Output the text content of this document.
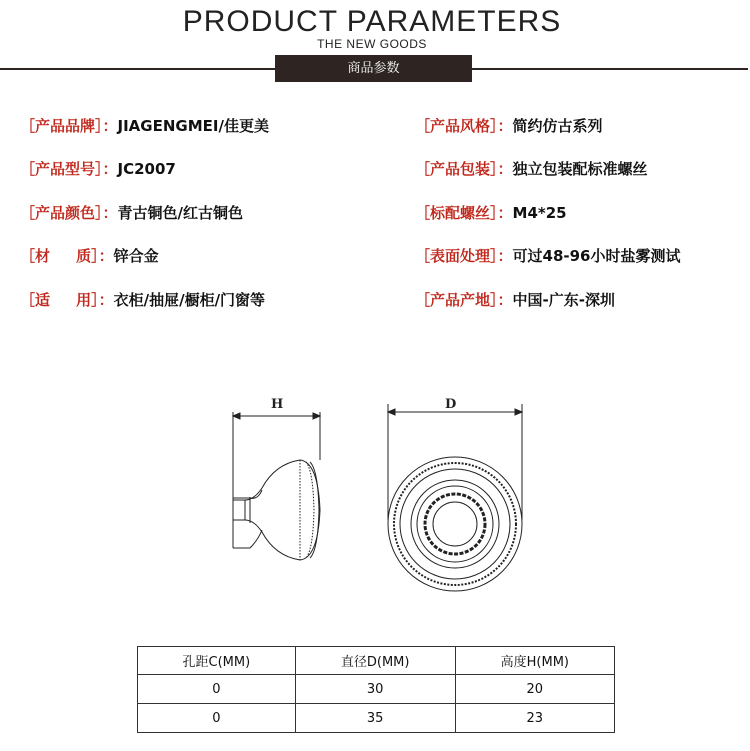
PRODUCT PARAMETERS
THE NEW GOODS
商品参数
［产品品牌］：JIAGENGMEI/佳更美
［产品型号］：JC2007
［产品颜色］：青古铜色/红古铜色
［材     质］：锌合金
［适     用］：衣柜/抽屉/橱柜/门窗等
［产品风格］：简约仿古系列
［产品包装］：独立包装配标准螺丝
［标配螺丝］：M4*25
［表面处理］：可过48-96小时盐雾测试
［产品产地］：中国-广东-深圳
H	D
孔距C(MM)	直径D(MM)	高度H(MM)
0	30	20
0	35	23
